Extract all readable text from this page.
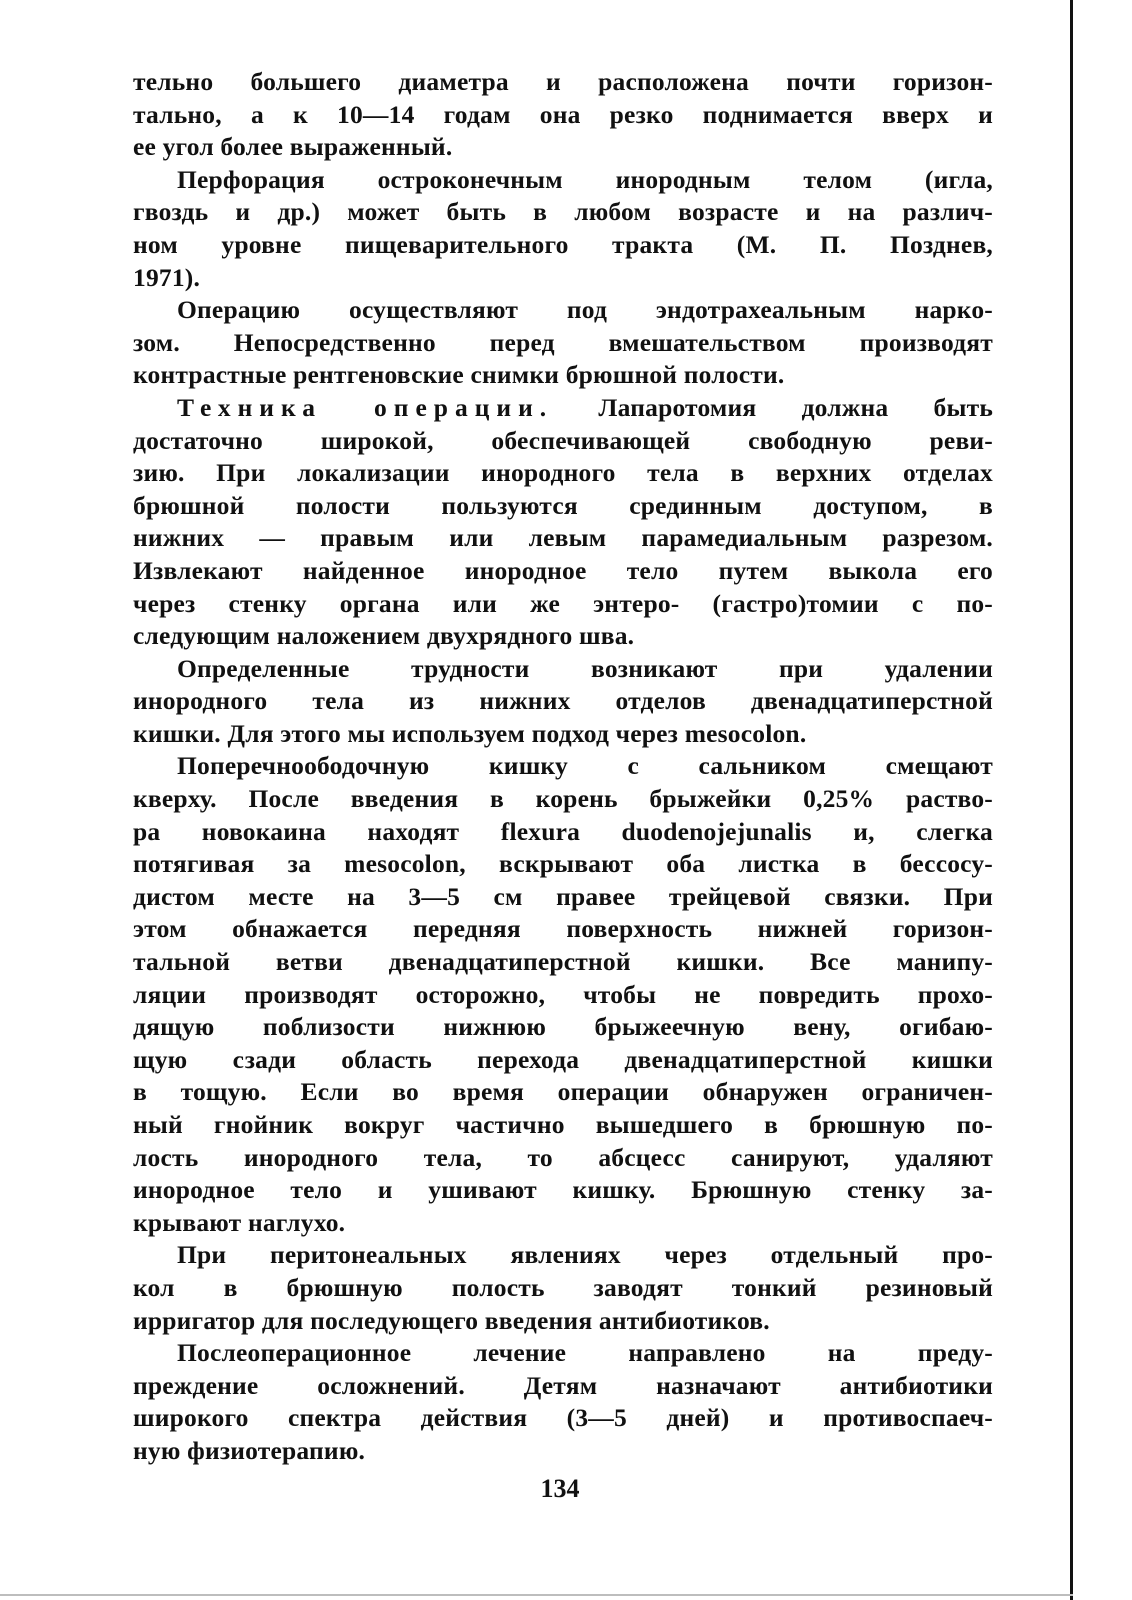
тельно большего диаметра и расположена почти горизон-
тально, а к 10—14 годам она резко поднимается вверх и
ее угол более выраженный.

Перфорация остроконечным инородным телом (игла,
гвоздь и др.) может быть в любом возрасте и на различ-
ном уровне пищеварительного тракта (М. П. Позднев,
1971).

Операцию осуществляют под эндотрахеальным нарко-
зом. Непосредственно перед вмешательством производят
контрастные рентгеновские снимки брюшной полости.

Техника операции. Лапаротомия должна быть
достаточно широкой, обеспечивающей свободную реви-
зию. При локализации инородного тела в верхних отделах
брюшной полости пользуются срединным доступом, в
нижних — правым или левым парамедиальным разрезом.
Извлекают найденное инородное тело путем выкола его
через стенку органа или же энтеро- (гастро)томии с по-
следующим наложением двухрядного шва.

Определенные трудности возникают при удалении
инородного тела из нижних отделов двенадцатиперстной
кишки. Для этого мы используем подход через mesocolon.

Поперечноободочную кишку с сальником смещают
кверху. После введения в корень брыжейки 0,25% раство-
ра новокаина находят flexura duodenojejunalis и, слегка
потягивая за mesocolon, вскрывают оба листка в бессосу-
дистом месте на 3—5 см правее трейцевой связки. При
этом обнажается передняя поверхность нижней горизон-
тальной ветви двенадцатиперстной кишки. Все манипу-
ляции производят осторожно, чтобы не повредить прохо-
дящую поблизости нижнюю брыжеечную вену, огибаю-
щую сзади область перехода двенадцатиперстной кишки
в тощую. Если во время операции обнаружен ограничен-
ный гнойник вокруг частично вышедшего в брюшную по-
лость инородного тела, то абсцесс санируют, удаляют
инородное тело и ушивают кишку. Брюшную стенку за-
крывают наглухо.

При перитонеальных явлениях через отдельный про-
кол в брюшную полость заводят тонкий резиновый
ирригатор для последующего введения антибиотиков.

Послеоперационное лечение направлено на преду-
преждение осложнений. Детям назначают антибиотики
широкого спектра действия (3—5 дней) и противоспаеч-
ную физиотерапию.

134
